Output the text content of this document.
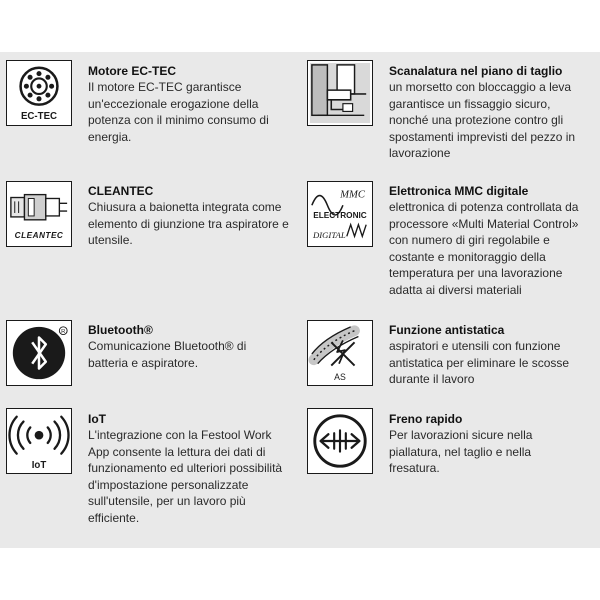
EC-TEC
Motore EC-TEC
Il motore EC-TEC garantisce un'eccezionale erogazione della potenza con il minimo consumo di energia.
Scanalatura nel piano di taglio
un morsetto con bloccaggio a leva garantisce un fissaggio sicuro, nonché una protezione contro gli spostamenti imprevisti del pezzo in lavorazione
CLEANTEC
CLEANTEC
Chiusura a baionetta integrata come elemento di giunzione tra aspiratore e utensile.
MMC
ELECTRONIC
DIGITAL
Elettronica MMC digitale
elettronica di potenza controllata da processore «Multi Material Control» con numero di giri regolabile e costante e monitoraggio della temperatura per una lavorazione adatta ai diversi materiali
R Bluetooth®
Comunicazione Bluetooth® di batteria e aspiratore.
AS
Funzione antistatica
aspiratori e utensili con funzione antistatica per eliminare le scosse durante il lavoro
IoT
IoT
L'integrazione con la Festool Work App consente la lettura dei dati di funzionamento ed ulteriori possibilità d'impostazione personalizzate sull'utensile, per un lavoro più efficiente.
Freno rapido
Per lavorazioni sicure nella piallatura, nel taglio e nella fresatura.
